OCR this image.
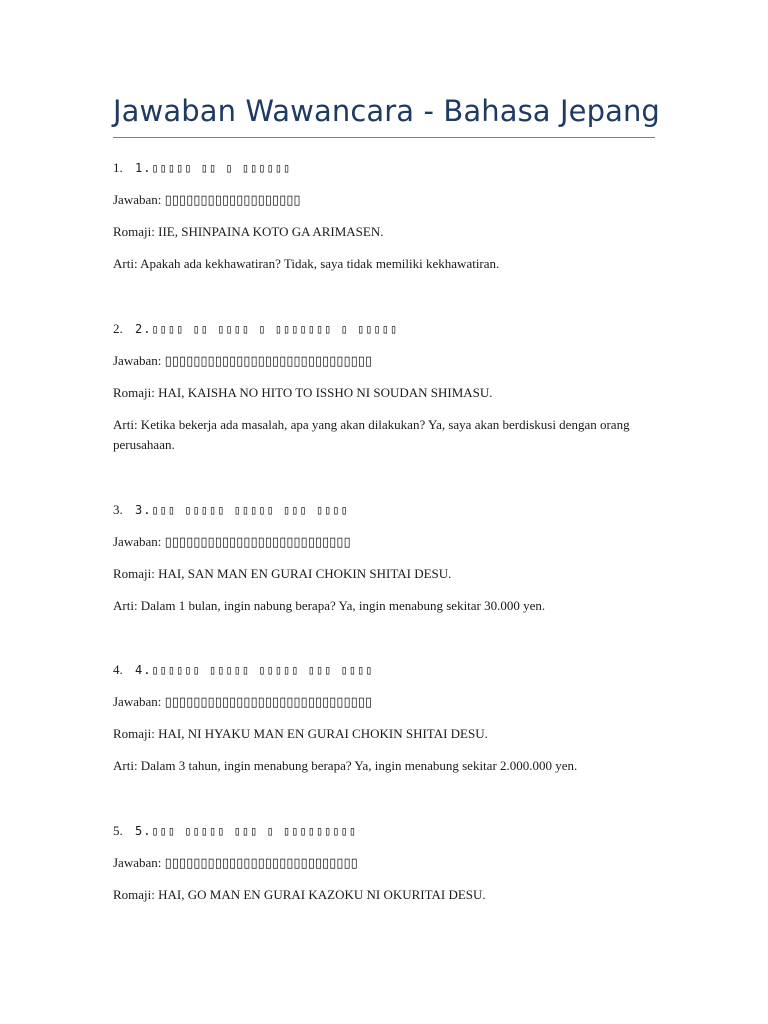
Jawaban Wawancara - Bahasa Jepang
1. 1.▯▯▯▯▯ ▯▯ ▯ ▯▯▯▯▯▯
Jawaban: ▯▯▯▯▯▯▯▯▯▯▯▯▯▯▯▯▯▯▯
Romaji: IIE, SHINPAINA KOTO GA ARIMASEN.
Arti: Apakah ada kekhawatiran? Tidak, saya tidak memiliki kekhawatiran.
2. 2.▯▯▯▯ ▯▯ ▯▯▯▯ ▯ ▯▯▯▯▯▯▯ ▯ ▯▯▯▯▯
Jawaban: ▯▯▯▯▯▯▯▯▯▯▯▯▯▯▯▯▯▯▯▯▯▯▯▯▯▯▯▯▯
Romaji: HAI, KAISHA NO HITO TO ISSHO NI SOUDAN SHIMASU.
Arti: Ketika bekerja ada masalah, apa yang akan dilakukan? Ya, saya akan berdiskusi dengan orang perusahaan.
3. 3.▯▯▯ ▯▯▯▯▯ ▯▯▯▯▯ ▯▯▯ ▯▯▯▯
Jawaban: ▯▯▯▯▯▯▯▯▯▯▯▯▯▯▯▯▯▯▯▯▯▯▯▯▯▯
Romaji: HAI, SAN MAN EN GURAI CHOKIN SHITAI DESU.
Arti: Dalam 1 bulan, ingin nabung berapa? Ya, ingin menabung sekitar 30.000 yen.
4. 4.▯▯▯▯▯▯ ▯▯▯▯▯ ▯▯▯▯▯ ▯▯▯ ▯▯▯▯
Jawaban: ▯▯▯▯▯▯▯▯▯▯▯▯▯▯▯▯▯▯▯▯▯▯▯▯▯▯▯▯▯
Romaji: HAI, NI HYAKU MAN EN GURAI CHOKIN SHITAI DESU.
Arti: Dalam 3 tahun, ingin menabung berapa? Ya, ingin menabung sekitar 2.000.000 yen.
5. 5.▯▯▯ ▯▯▯▯▯ ▯▯▯ ▯ ▯▯▯▯▯▯▯▯▯
Jawaban: ▯▯▯▯▯▯▯▯▯▯▯▯▯▯▯▯▯▯▯▯▯▯▯▯▯▯▯
Romaji: HAI, GO MAN EN GURAI KAZOKU NI OKURITAI DESU.
